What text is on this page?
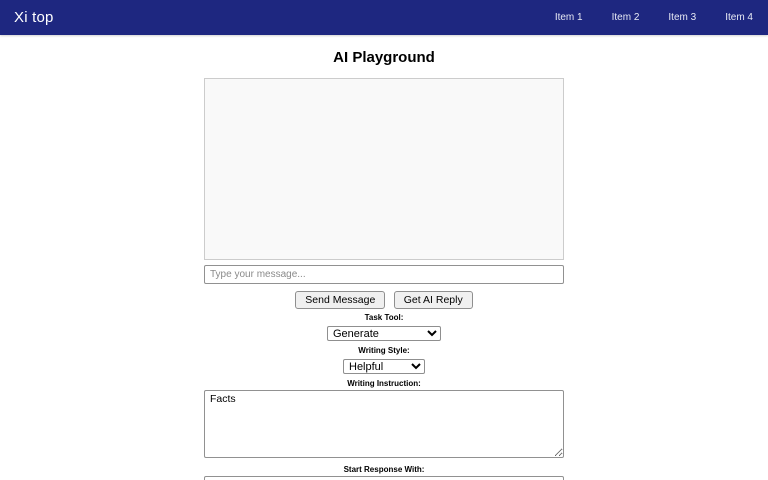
Xi top	Item 1	Item 2	Item 3	Item 4
AI Playground
Type your message...
Send Message	Get AI Reply
Task Tool:
Generate
Writing Style:
Helpful
Writing Instruction:
Facts
Start Response With:
AI:
